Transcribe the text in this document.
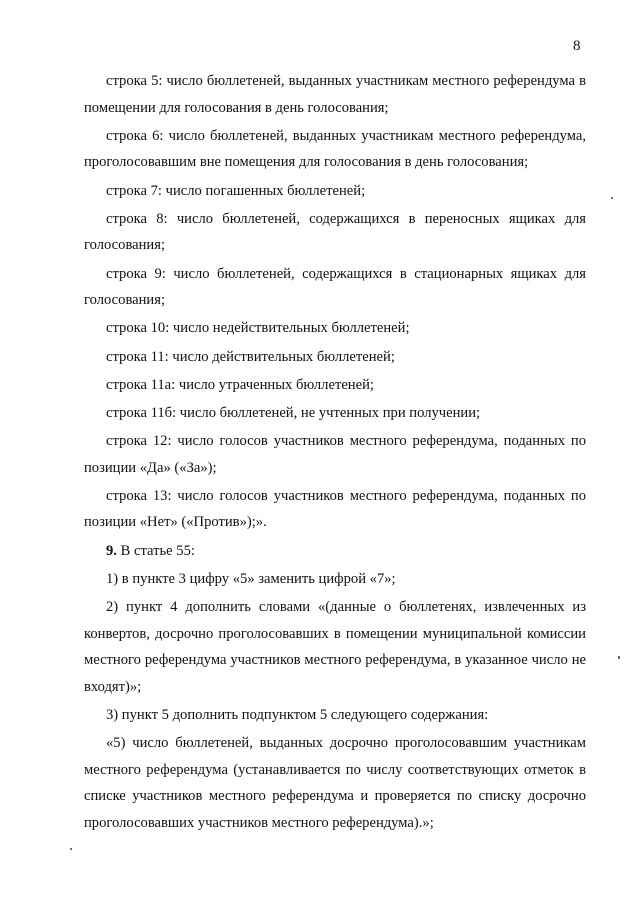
8

строка 5: число бюллетеней, выданных участникам местного референдума в помещении для голосования в день голосования;

строка 6: число бюллетеней, выданных участникам местного референдума, проголосовавшим вне помещения для голосования в день голосования;

строка 7: число погашенных бюллетеней;

строка 8: число бюллетеней, содержащихся в переносных ящиках для голосования;

строка 9: число бюллетеней, содержащихся в стационарных ящиках для голосования;

строка 10: число недействительных бюллетеней;

строка 11: число действительных бюллетеней;

строка 11а: число утраченных бюллетеней;

строка 11б: число бюллетеней, не учтенных при получении;

строка 12: число голосов участников местного референдума, поданных по позиции «Да» («За»);

строка 13: число голосов участников местного референдума, поданных по позиции «Нет» («Против»);».

9. В статье 55:

1) в пункте 3 цифру «5» заменить цифрой «7»;

2) пункт 4 дополнить словами «(данные о бюллетенях, извлеченных из конвертов, досрочно проголосовавших в помещении муниципальной комиссии местного референдума участников местного референдума, в указанное число не входят)»;

3) пункт 5 дополнить подпунктом 5 следующего содержания:

«5) число бюллетеней, выданных досрочно проголосовавшим участникам местного референдума (устанавливается по числу соответствующих отметок в списке участников местного референдума и проверяется по списку досрочно проголосовавших участников местного референдума).»;
